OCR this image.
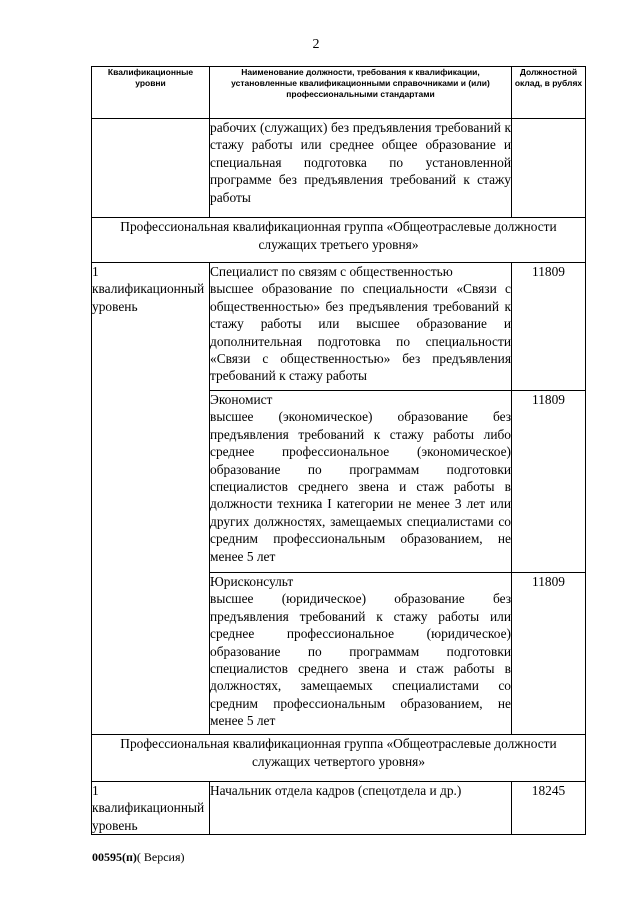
2
Квалификационные уровни	Наименование должности, требования к квалификации, установленные квалификационными справочниками и (или) профессиональными стандартами	Должностной оклад, в рублях
	рабочих (служащих) без предъявления требований к стажу работы или среднее общее образование и специальная подготовка по установленной программе без предъявления требований к стажу работы	
Профессиональная квалификационная группа «Общеотраслевые должности служащих третьего уровня»		
1 квалификационный уровень	Специалист по связям с общественностью
высшее образование по специальности «Связи с общественностью» без предъявления требований к стажу работы или высшее образование и дополнительная подготовка по специальности «Связи с общественностью» без предъявления требований к стажу работы	11809

	Экономист
высшее (экономическое) образование без предъявления требований к стажу работы либо среднее профессиональное (экономическое) образование по программам подготовки специалистов среднего звена и стаж работы в должности техника I категории не менее 3 лет или других должностях, замещаемых специалистами со средним профессиональным образованием, не менее 5 лет	11809

	Юрисконсульт
высшее (юридическое) образование без предъявления требований к стажу работы или среднее профессиональное (юридическое) образование по программам подготовки специалистов среднего звена и стаж работы в должностях, замещаемых специалистами со средним профессиональным образованием, не менее 5 лет	11809
Профессиональная квалификационная группа «Общеотраслевые должности служащих четвертого уровня»		
1 квалификационный уровень	Начальник отдела кадров (спецотдела и др.)	18245
00595(п)( Версия)
